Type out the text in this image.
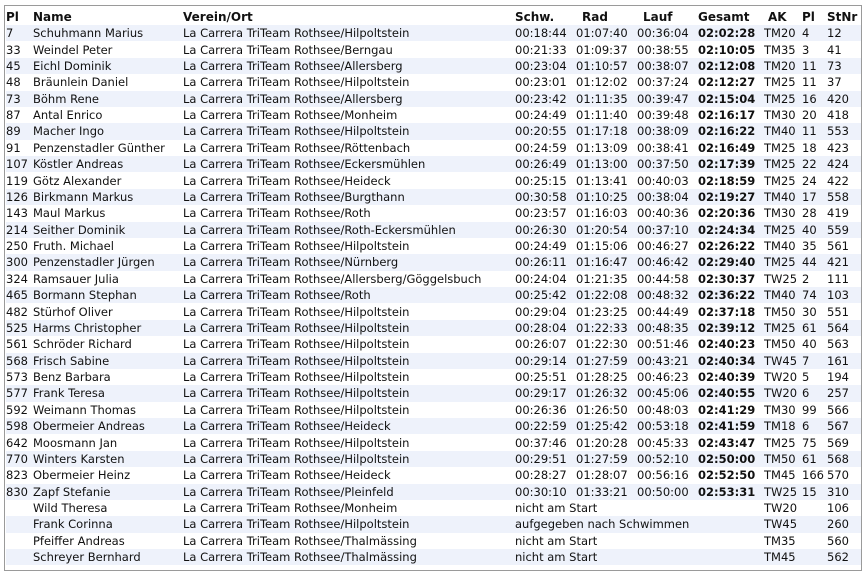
Pl	Name	Verein/Ort	Schw.	Rad	Lauf	Gesamt	AK	Pl	StNr
7	Schuhmann Marius	La Carrera TriTeam Rothsee/Hilpoltstein	00:18:44	01:07:40	00:36:04	02:02:28	TM20	4	12
33	Weindel Peter	La Carrera TriTeam Rothsee/Berngau	00:21:33	01:09:37	00:38:55	02:10:05	TM35	3	41
45	Eichl Dominik	La Carrera TriTeam Rothsee/Allersberg	00:23:04	01:10:57	00:38:07	02:12:08	TM20	11	73
48	Bräunlein Daniel	La Carrera TriTeam Rothsee/Hilpoltstein	00:23:01	01:12:02	00:37:24	02:12:27	TM25	11	37
73	Böhm Rene	La Carrera TriTeam Rothsee/Allersberg	00:23:42	01:11:35	00:39:47	02:15:04	TM25	16	420
87	Antal Enrico	La Carrera TriTeam Rothsee/Monheim	00:24:49	01:11:40	00:39:48	02:16:17	TM30	20	418
89	Macher Ingo	La Carrera TriTeam Rothsee/Hilpoltstein	00:20:55	01:17:18	00:38:09	02:16:22	TM40	11	553
91	Penzenstadler Günther	La Carrera TriTeam Rothsee/Röttenbach	00:24:59	01:13:09	00:38:41	02:16:49	TM25	18	423
107	Köstler Andreas	La Carrera TriTeam Rothsee/Eckersmühlen	00:26:49	01:13:00	00:37:50	02:17:39	TM25	22	424
119	Götz Alexander	La Carrera TriTeam Rothsee/Heideck	00:25:15	01:13:41	00:40:03	02:18:59	TM25	24	422
126	Birkmann Markus	La Carrera TriTeam Rothsee/Burgthann	00:30:58	01:10:25	00:38:04	02:19:27	TM40	17	558
143	Maul Markus	La Carrera TriTeam Rothsee/Roth	00:23:57	01:16:03	00:40:36	02:20:36	TM30	28	419
214	Seither Dominik	La Carrera TriTeam Rothsee/Roth-Eckersmühlen	00:26:30	01:20:54	00:37:10	02:24:34	TM25	40	559
250	Fruth. Michael	La Carrera TriTeam Rothsee/Hilpoltstein	00:24:49	01:15:06	00:46:27	02:26:22	TM40	35	561
300	Penzenstadler Jürgen	La Carrera TriTeam Rothsee/Nürnberg	00:26:11	01:16:47	00:46:42	02:29:40	TM25	44	421
324	Ramsauer Julia	La Carrera TriTeam Rothsee/Allersberg/Göggelsbuch	00:24:04	01:21:35	00:44:58	02:30:37	TW25	2	111
465	Bormann Stephan	La Carrera TriTeam Rothsee/Roth	00:25:42	01:22:08	00:48:32	02:36:22	TM40	74	103
482	Stürhof Oliver	La Carrera TriTeam Rothsee/Hilpoltstein	00:29:04	01:23:25	00:44:49	02:37:18	TM50	30	551
525	Harms Christopher	La Carrera TriTeam Rothsee/Hilpoltstein	00:28:04	01:22:33	00:48:35	02:39:12	TM25	61	564
561	Schröder Richard	La Carrera TriTeam Rothsee/Hilpoltstein	00:26:07	01:22:30	00:51:46	02:40:23	TM50	40	563
568	Frisch Sabine	La Carrera TriTeam Rothsee/Hilpoltstein	00:29:14	01:27:59	00:43:21	02:40:34	TW45	7	161
573	Benz Barbara	La Carrera TriTeam Rothsee/Hilpoltstein	00:25:51	01:28:25	00:46:23	02:40:39	TW20	5	194
577	Frank Teresa	La Carrera TriTeam Rothsee/Hilpoltstein	00:29:17	01:26:32	00:45:06	02:40:55	TW20	6	257
592	Weimann Thomas	La Carrera TriTeam Rothsee/Hilpoltstein	00:26:36	01:26:50	00:48:03	02:41:29	TM30	99	566
598	Obermeier Andreas	La Carrera TriTeam Rothsee/Heideck	00:22:59	01:25:42	00:53:18	02:41:59	TM18	6	567
642	Moosmann Jan	La Carrera TriTeam Rothsee/Hilpoltstein	00:37:46	01:20:28	00:45:33	02:43:47	TM25	75	569
770	Winters Karsten	La Carrera TriTeam Rothsee/Hilpoltstein	00:29:51	01:27:59	00:52:10	02:50:00	TM50	61	568
823	Obermeier Heinz	La Carrera TriTeam Rothsee/Heideck	00:28:27	01:28:07	00:56:16	02:52:50	TM45	166	570
830	Zapf Stefanie	La Carrera TriTeam Rothsee/Pleinfeld	00:30:10	01:33:21	00:50:00	02:53:31	TW25	15	310
	Wild Theresa	La Carrera TriTeam Rothsee/Monheim	nicht am Start				TW20		106
	Frank Corinna	La Carrera TriTeam Rothsee/Hilpoltstein	aufgegeben nach Schwimmen				TW45		260
	Pfeiffer Andreas	La Carrera TriTeam Rothsee/Thalmässing	nicht am Start				TM35		560
	Schreyer Bernhard	La Carrera TriTeam Rothsee/Thalmässing	nicht am Start				TM45		562
